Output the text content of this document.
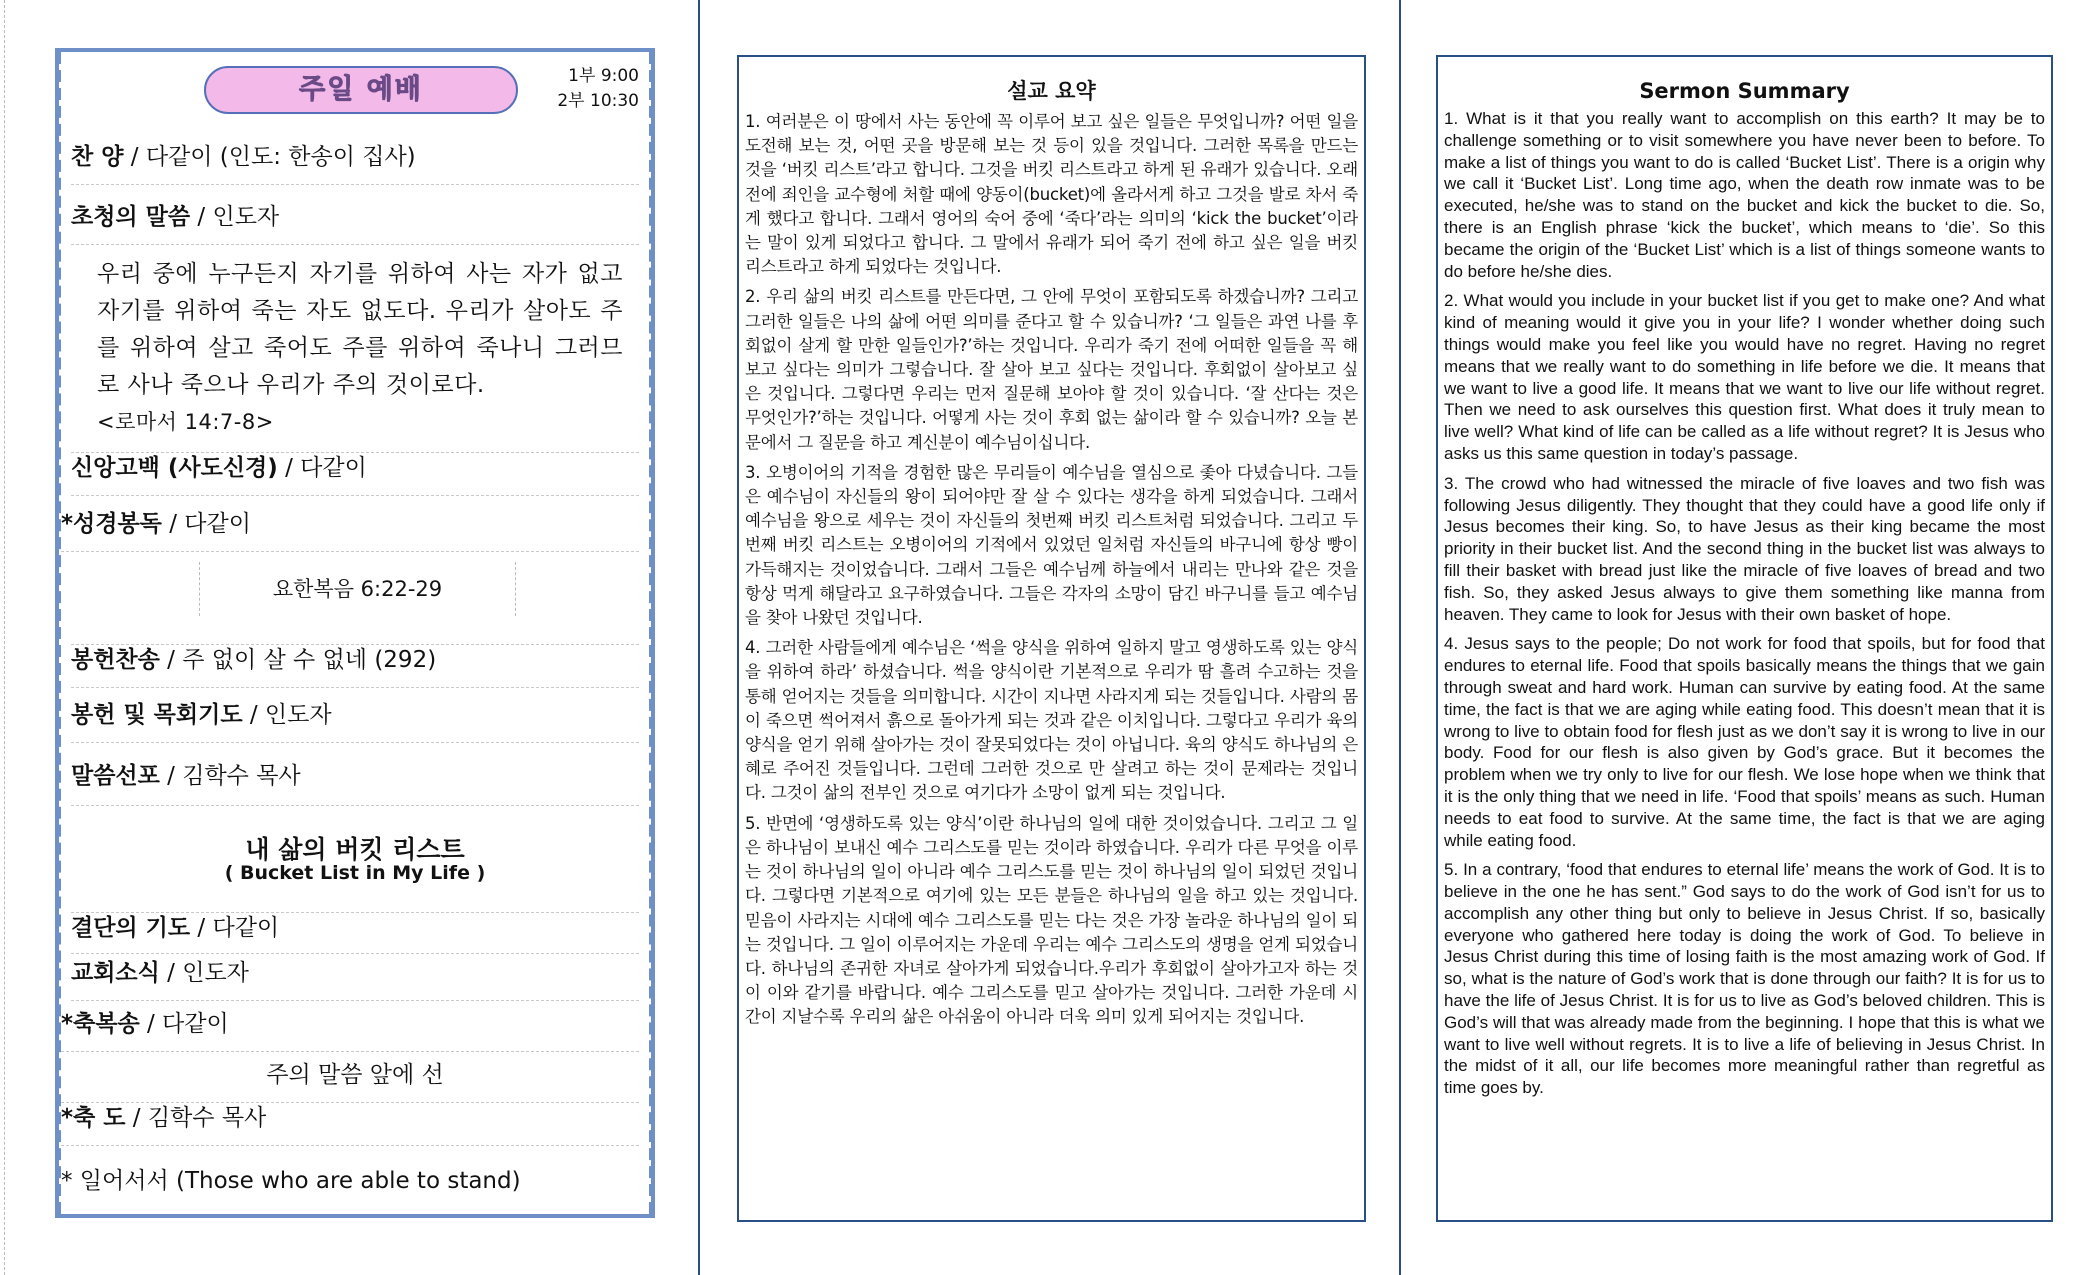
주일 예배	1부 9:00
2부 10:30
찬 양 / 다같이 (인도: 한송이 집사)
초청의 말씀 / 인도자
우리 중에 누구든지 자기를 위하여 사는 자가 없고 자기를 위하여 죽는 자도 없도다. 우리가 살아도 주를 위하여 살고 죽어도 주를 위하여 죽나니 그러므로 사나 죽으나 우리가 주의 것이로다.
<로마서 14:7-8>
신앙고백 (사도신경) / 다같이
*성경봉독 / 다같이
요한복음 6:22-29
봉헌찬송 / 주 없이 살 수 없네 (292)
봉헌 및 목회기도 / 인도자
말씀선포 / 김학수 목사
내 삶의 버킷 리스트
( Bucket List in My Life )
결단의 기도 / 다같이
교회소식 / 인도자
*축복송 / 다같이
주의 말씀 앞에 선
*축 도 / 김학수 목사
* 일어서서 (Those who are able to stand)
설교 요약

1. 여러분은 이 땅에서 사는 동안에 꼭 이루어 보고 싶은 일들은 무엇입니까? 어떤 일을 도전해 보는 것, 어떤 곳을 방문해 보는 것 등이 있을 것입니다. 그러한 목록을 만드는 것을 ‘버킷 리스트’라고 합니다. 그것을 버킷 리스트라고 하게 된 유래가 있습니다. 오래 전에 죄인을 교수형에 처할 때에 양동이(bucket)에 올라서게 하고 그것을 발로 차서 죽게 했다고 합니다. 그래서 영어의 숙어 중에 ‘죽다’라는 의미의 ‘kick the bucket’이라는 말이 있게 되었다고 합니다. 그 말에서 유래가 되어 죽기 전에 하고 싶은 일을 버킷 리스트라고 하게 되었다는 것입니다.

2. 우리 삶의 버킷 리스트를 만든다면, 그 안에 무엇이 포함되도록 하겠습니까? 그리고 그러한 일들은 나의 삶에 어떤 의미를 준다고 할 수 있습니까? ‘그 일들은 과연 나를 후회없이 살게 할 만한 일들인가?’하는 것입니다. 우리가 죽기 전에 어떠한 일들을 꼭 해보고 싶다는 의미가 그렇습니다. 잘 살아 보고 싶다는 것입니다. 후회없이 살아보고 싶은 것입니다. 그렇다면 우리는 먼저 질문해 보아야 할 것이 있습니다. ‘잘 산다는 것은 무엇인가?’하는 것입니다. 어떻게 사는 것이 후회 없는 삶이라 할 수 있습니까? 오늘 본문에서 그 질문을 하고 계신분이 예수님이십니다.

3. 오병이어의 기적을 경험한 많은 무리들이 예수님을 열심으로 좇아 다녔습니다. 그들은 예수님이 자신들의 왕이 되어야만 잘 살 수 있다는 생각을 하게 되었습니다. 그래서 예수님을 왕으로 세우는 것이 자신들의 첫번째 버킷 리스트처럼 되었습니다. 그리고 두 번째 버킷 리스트는 오병이어의 기적에서 있었던 일처럼 자신들의 바구니에 항상 빵이 가득해지는 것이었습니다. 그래서 그들은 예수님께 하늘에서 내리는 만나와 같은 것을 항상 먹게 해달라고 요구하였습니다. 그들은 각자의 소망이 담긴 바구니를 들고 예수님을 찾아 나왔던 것입니다.

4. 그러한 사람들에게 예수님은 ‘썩을 양식을 위하여 일하지 말고 영생하도록 있는 양식을 위하여 하라’ 하셨습니다. 썩을 양식이란 기본적으로 우리가 땀 흘려 수고하는 것을 통해 얻어지는 것들을 의미합니다. 시간이 지나면 사라지게 되는 것들입니다. 사람의 몸이 죽으면 썩어져서 흙으로 돌아가게 되는 것과 같은 이치입니다. 그렇다고 우리가 육의 양식을 얻기 위해 살아가는 것이 잘못되었다는 것이 아닙니다. 육의 양식도 하나님의 은혜로 주어진 것들입니다. 그런데 그러한 것으로 만 살려고 하는 것이 문제라는 것입니다. 그것이 삶의 전부인 것으로 여기다가 소망이 없게 되는 것입니다.

5. 반면에 ‘영생하도록 있는 양식’이란 하나님의 일에 대한 것이었습니다. 그리고 그 일은 하나님이 보내신 예수 그리스도를 믿는 것이라 하였습니다. 우리가 다른 무엇을 이루는 것이 하나님의 일이 아니라 예수 그리스도를 믿는 것이 하나님의 일이 되었던 것입니다. 그렇다면 기본적으로 여기에 있는 모든 분들은 하나님의 일을 하고 있는 것입니다. 믿음이 사라지는 시대에 예수 그리스도를 믿는 다는 것은 가장 놀라운 하나님의 일이 되는 것입니다. 그 일이 이루어지는 가운데 우리는 예수 그리스도의 생명을 얻게 되었습니다. 하나님의 존귀한 자녀로 살아가게 되었습니다.우리가 후회없이 살아가고자 하는 것이 이와 같기를 바랍니다. 예수 그리스도를 믿고 살아가는 것입니다. 그러한 가운데 시간이 지날수록 우리의 삶은 아쉬움이 아니라 더욱 의미 있게 되어지는 것입니다.

Sermon Summary

1. What is it that you really want to accomplish on this earth? It may be to challenge something or to visit somewhere you have never been to before. To make a list of things you want to do is called ‘Bucket List’. There is a origin why we call it ‘Bucket List’. Long time ago, when the death row inmate was to be executed, he/she was to stand on the bucket and kick the bucket to die. So, there is an English phrase ‘kick the bucket’, which means to ‘die’. So this became the origin of the ‘Bucket List’ which is a list of things someone wants to do before he/she dies.

2. What would you include in your bucket list if you get to make one? And what kind of meaning would it give you in your life? I wonder whether doing such things would make you feel like you would have no regret. Having no regret means that we really want to do something in life before we die. It means that we want to live a good life. It means that we want to live our life without regret. Then we need to ask ourselves this question first. What does it truly mean to live well? What kind of life can be called as a life without regret? It is Jesus who asks us this same question in today’s passage.

3. The crowd who had witnessed the miracle of five loaves and two fish was following Jesus diligently. They thought that they could have a good life only if Jesus becomes their king. So, to have Jesus as their king became the most priority in their bucket list. And the second thing in the bucket list was always to fill their basket with bread just like the miracle of five loaves of bread and two fish. So, they asked Jesus always to give them something like manna from heaven. They came to look for Jesus with their own basket of hope.

4. Jesus says to the people; Do not work for food that spoils, but for food that endures to eternal life. Food that spoils basically means the things that we gain through sweat and hard work. Human can survive by eating food. At the same time, the fact is that we are aging while eating food. This doesn’t mean that it is wrong to live to obtain food for flesh just as we don’t say it is wrong to live in our body. Food for our flesh is also given by God’s grace. But it becomes the problem when we try only to live for our flesh. We lose hope when we think that it is the only thing that we need in life. ‘Food that spoils’ means as such. Human needs to eat food to survive. At the same time, the fact is that we are aging while eating food.

5. In a contrary, ‘food that endures to eternal life’ means the work of God. It is to believe in the one he has sent.” God says to do the work of God isn’t for us to accomplish any other thing but only to believe in Jesus Christ. If so, basically everyone who gathered here today is doing the work of God. To believe in Jesus Christ during this time of losing faith is the most amazing work of God. If so, what is the nature of God’s work that is done through our faith? It is for us to have the life of Jesus Christ. It is for us to live as God’s beloved children. This is God’s will that was already made from the beginning. I hope that this is what we want to live well without regrets. It is to live a life of believing in Jesus Christ. In the midst of it all, our life becomes more meaningful rather than regretful as time goes by.
